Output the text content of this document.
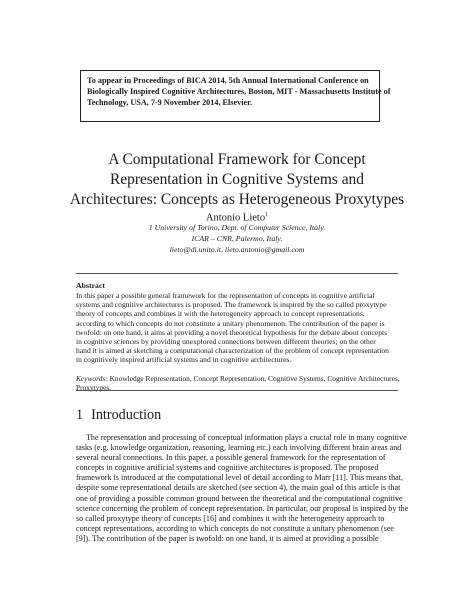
To appear in Proceedings of BICA 2014, 5th Annual International Conference on
Biologically Inspired Cognitive Architectures, Boston, MIT - Massachusetts Institute of
Technology, USA, 7-9 November 2014, Elsevier.
A Computational Framework for Concept
Representation in Cognitive Systems and
Architectures: Concepts as Heterogeneous Proxytypes
Antonio Lieto$^1$
1 University of Torino, Dept. of Computer Science, Italy.
ICAR – CNR, Palermo, Italy.
lieto@di.unito.it, lieto.antonio@gmail.com
Abstract
In this paper a possible general framework for the representation of concepts in cognitive artificial
systems and cognitive architectures is proposed. The framework is inspired by the so called proxytype
theory of concepts and combines it with the heterogeneity approach to concept representations,
according to which concepts do not constitute a unitary phenomenon. The contribution of the paper is
twofold: on one hand, it aims at providing a novel theoretical hypothesis for the debate about concepts
in cognitive sciences by providing unexplored connections between different theories; on the other
hand it is aimed at sketching a computational characterization of the problem of concept representation
in cognitively inspired artificial systems and in cognitive architectures.
Keywords: Knowledge Representation, Concept Representation, Cognitive Systems, Cognitive Architectures,
Proxytypes.
1 Introduction
The representation and processing of conceptual information plays a crucial role in many cognitive
tasks (e.g. knowledge organization, reasoning, learning etc.) each involving different brain areas and
several neural connections. In this paper, a possible general framework for the representation of
concepts in cognitive artificial systems and cognitive architectures is proposed. The proposed
framework is introduced at the computational level of detail according to Marr [11]. This means that,
despite some representational details are sketched (see section 4), the main goal of this article is that
one of providing a possible common ground between the theoretical and the computational cognitive
science concerning the problem of concept representation. In particular, our proposal is inspired by the
so called proxytype theory of concepts [16] and combines it with the heterogeneity approach to
concept representations, according to which concepts do not constitute a unitary phenomenon (see
[9]). The contribution of the paper is twofold: on one hand, it is aimed at providing a possible
